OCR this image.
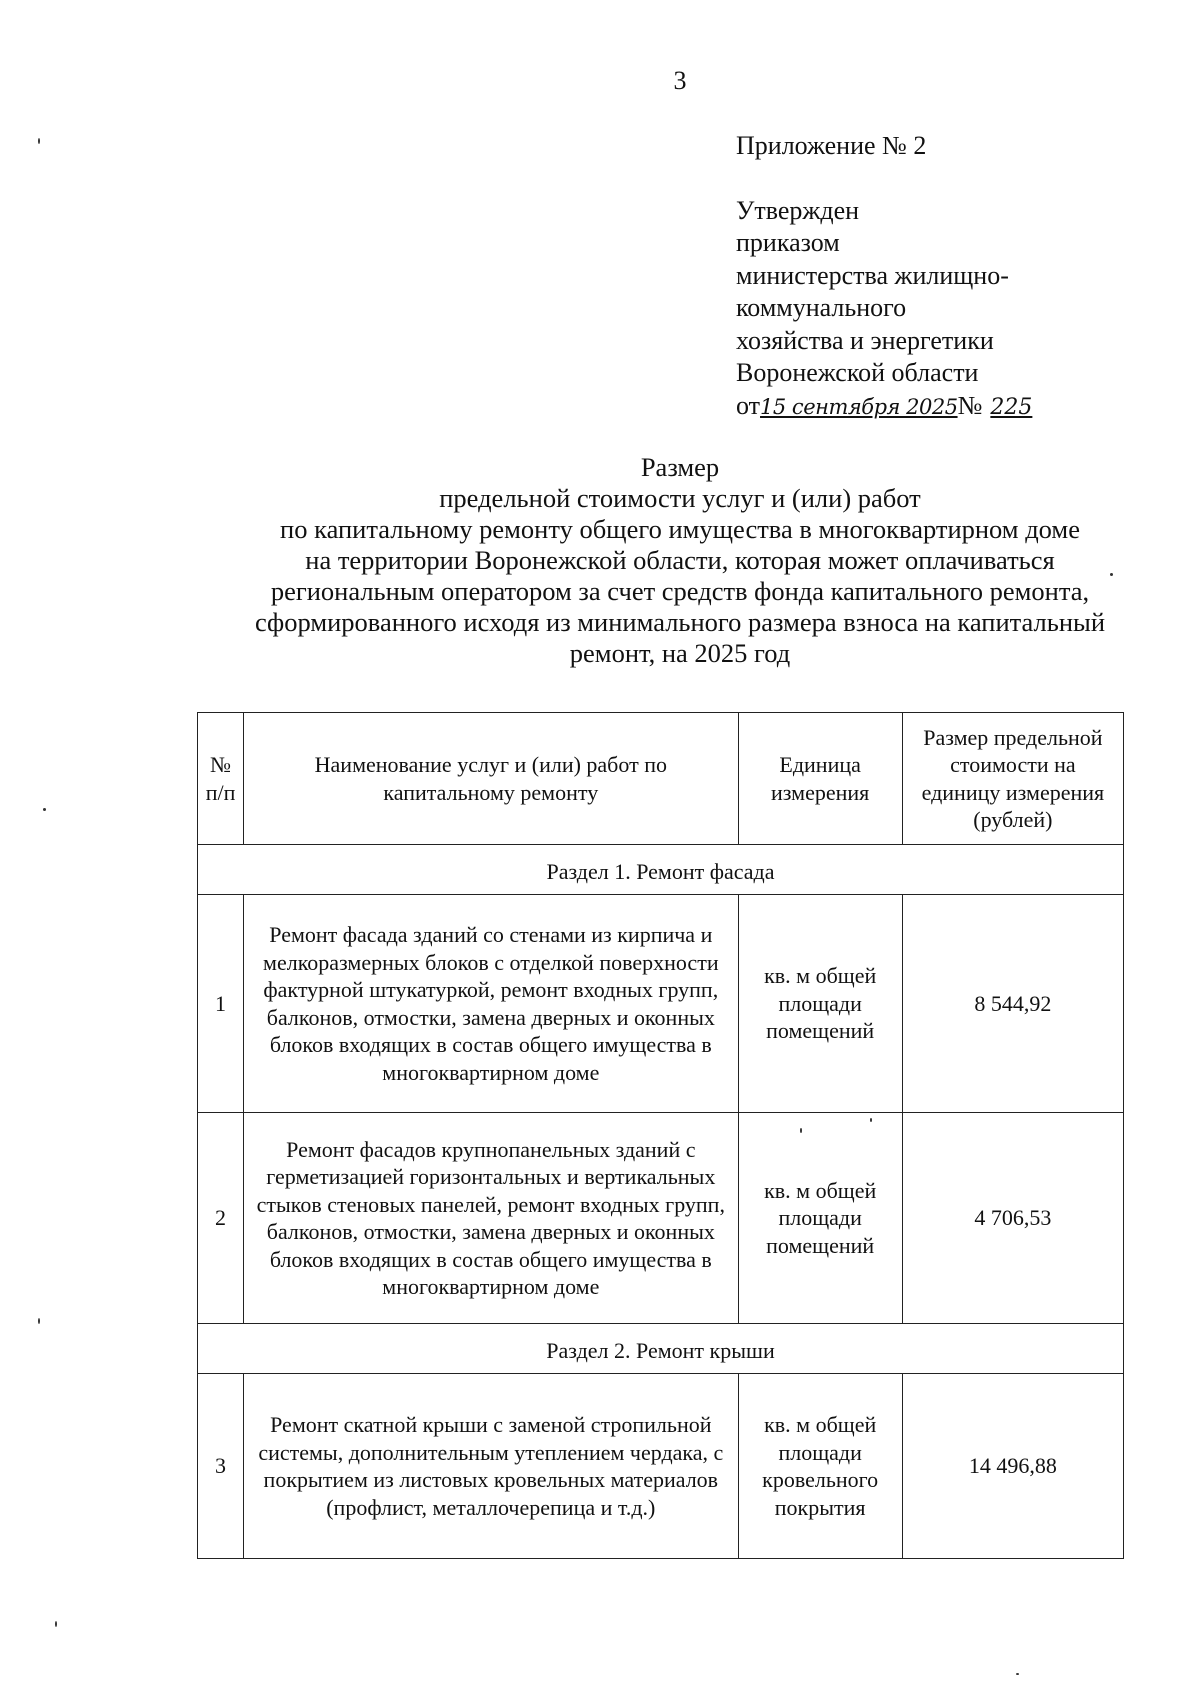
3
Приложение № 2
Утвержден
приказом
министерства жилищно-
коммунального
хозяйства и энергетики
Воронежской области
от15 сентября 2025№ 225
Размер
предельной стоимости услуг и (или) работ
по капитальному ремонту общего имущества в многоквартирном доме
на территории Воронежской области, которая может оплачиваться
региональным оператором за счет средств фонда капитального ремонта,
сформированного исходя из минимального размера взноса на капитальный
ремонт, на 2025 год
№ п/п	Наименование услуг и (или) работ по капитальному ремонту	Единица измерения	Размер предельной стоимости на единицу измерения (рублей)
Раздел 1. Ремонт фасада			
1	Ремонт фасада зданий со стенами из кирпича и мелкоразмерных блоков с отделкой поверхности фактурной штукатуркой, ремонт входных групп, балконов, отмостки, замена дверных и оконных блоков входящих в состав общего имущества в многоквартирном доме	кв. м общей площади помещений	8 544,92
2	Ремонт фасадов крупнопанельных зданий с герметизацией горизонтальных и вертикальных стыков стеновых панелей, ремонт входных групп, балконов, отмостки, замена дверных и оконных блоков входящих в состав общего имущества в многоквартирном доме	кв. м общей площади помещений	4 706,53
Раздел 2. Ремонт крыши			
3	Ремонт скатной крыши с заменой стропильной системы, дополнительным утеплением чердака, с покрытием из листовых кровельных материалов (профлист, металлочерепица и т.д.)	кв. м общей площади кровельного покрытия	14 496,88
